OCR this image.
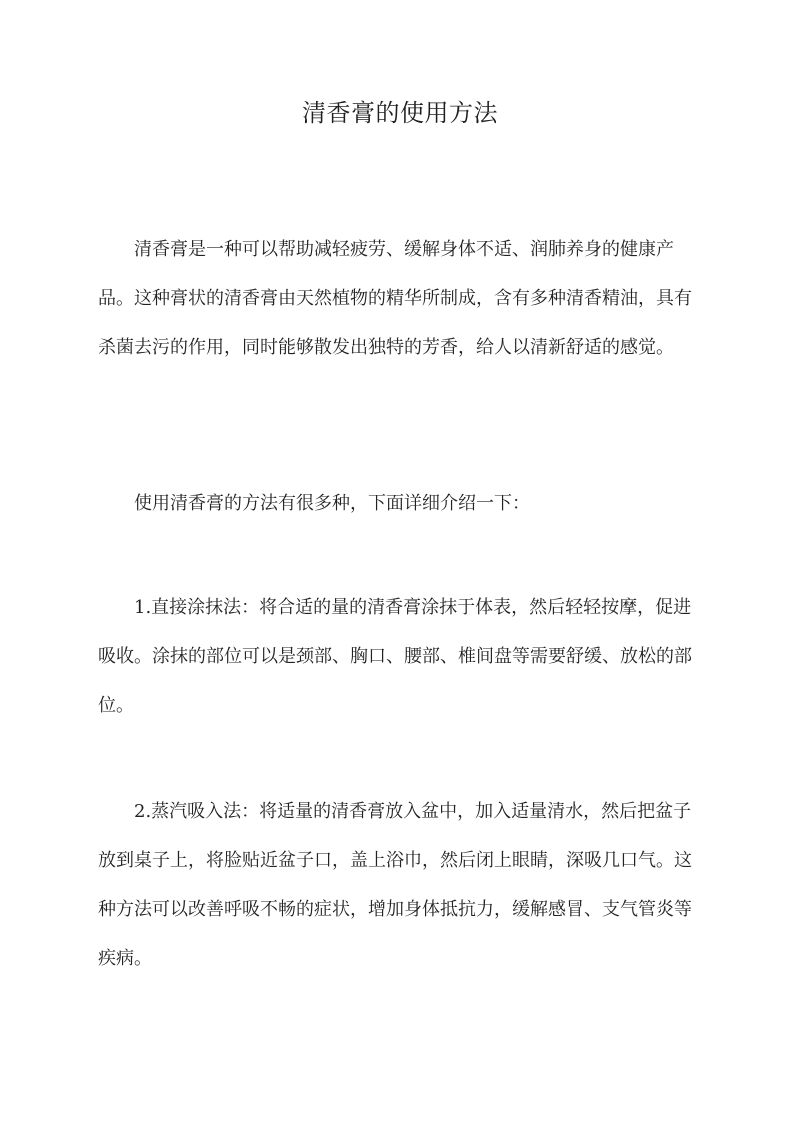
清香膏的使用方法

清香膏是一种可以帮助减轻疲劳、缓解身体不适、润肺养身的健康产品。这种膏状的清香膏由天然植物的精华所制成，含有多种清香精油，具有杀菌去污的作用，同时能够散发出独特的芳香，给人以清新舒适的感觉。

使用清香膏的方法有很多种，下面详细介绍一下：

1.直接涂抹法：将合适的量的清香膏涂抹于体表，然后轻轻按摩，促进吸收。涂抹的部位可以是颈部、胸口、腰部、椎间盘等需要舒缓、放松的部位。

2.蒸汽吸入法：将适量的清香膏放入盆中，加入适量清水，然后把盆子放到桌子上，将脸贴近盆子口，盖上浴巾，然后闭上眼睛，深吸几口气。这种方法可以改善呼吸不畅的症状，增加身体抵抗力，缓解感冒、支气管炎等疾病。
